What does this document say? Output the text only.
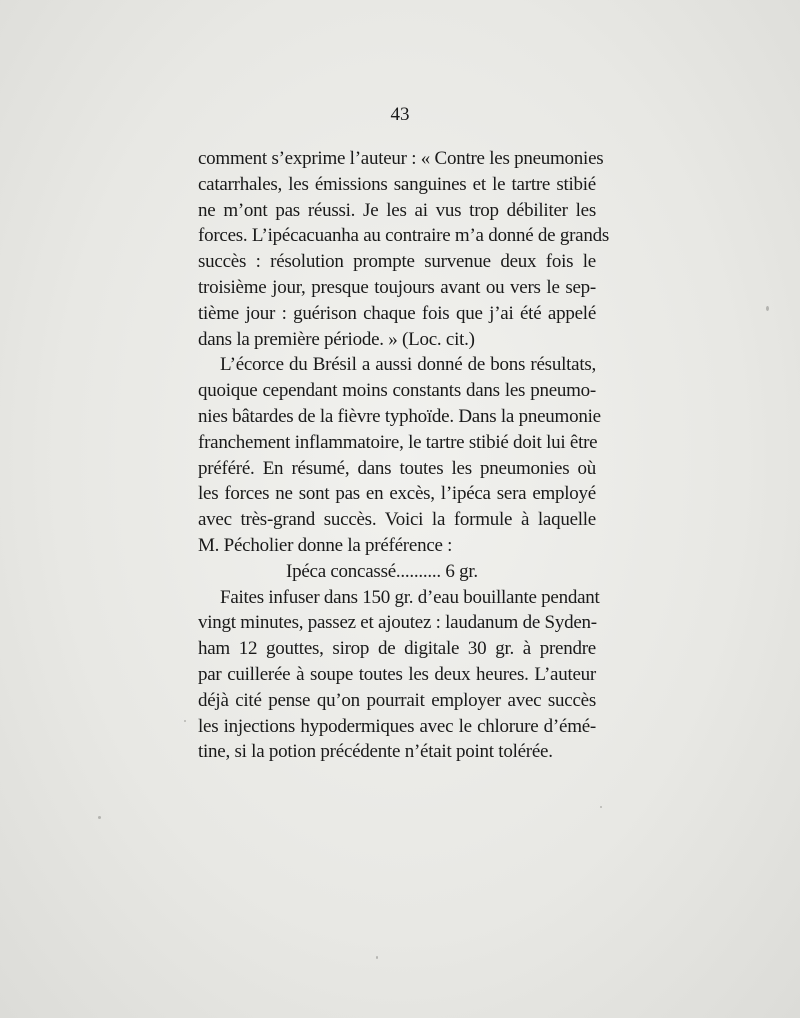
43
comment s’exprime l’auteur : « Contre les pneumonies
catarrhales, les émissions sanguines et le tartre stibié
ne m’ont pas réussi. Je les ai vus trop débiliter les
forces. L’ipécacuanha au contraire m’a donné de grands
succès : résolution prompte survenue deux fois le
troisième jour, presque toujours avant ou vers le sep-
tième jour : guérison chaque fois que j’ai été appelé
dans la première période. » (Loc. cit.)
L’écorce du Brésil a aussi donné de bons résultats,
quoique cependant moins constants dans les pneumo-
nies bâtardes de la fièvre typhoïde. Dans la pneumonie
franchement inflammatoire, le tartre stibié doit lui être
préféré. En résumé, dans toutes les pneumonies où
les forces ne sont pas en excès, l’ipéca sera employé
avec très-grand succès. Voici la formule à laquelle
M. Pécholier donne la préférence :
Ipéca concassé.......... 6 gr.
Faites infuser dans 150 gr. d’eau bouillante pendant
vingt minutes, passez et ajoutez : laudanum de Syden-
ham 12 gouttes, sirop de digitale 30 gr. à prendre
par cuillerée à soupe toutes les deux heures. L’auteur
déjà cité pense qu’on pourrait employer avec succès
les injections hypodermiques avec le chlorure d’émé-
tine, si la potion précédente n’était point tolérée.
